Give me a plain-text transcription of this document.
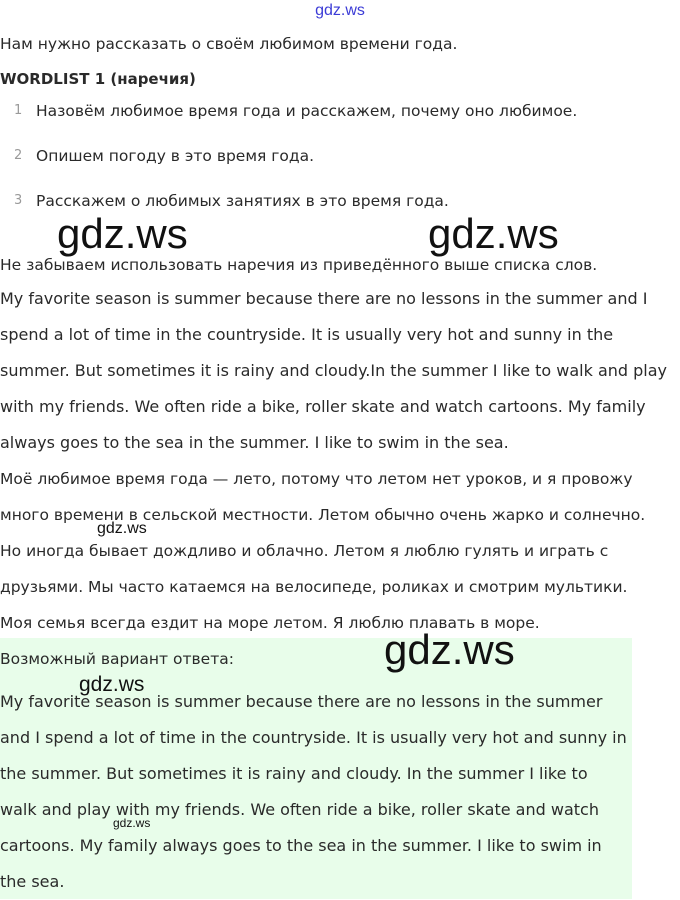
gdz.ws
Нам нужно рассказать о своём любимом времени года.
WORDLIST 1 (наречия)
1 Назовём любимое время года и расскажем, почему оно любимое.
2 Опишем погоду в это время года.
3 Расскажем о любимых занятиях в это время года.

Не забываем использовать наречия из приведённого выше списка слов.

My favorite season is summer because there are no lessons in the summer and I
spend a lot of time in the countryside. It is usually very hot and sunny in the
summer. But sometimes it is rainy and cloudy.In the summer I like to walk and play
with my friends. We often ride a bike, roller skate and watch cartoons. My family
always goes to the sea in the summer. I like to swim in the sea.
Моё любимое время года — лето, потому что летом нет уроков, и я провожу
много времени в сельской местности. Летом обычно очень жарко и солнечно.
Но иногда бывает дождливо и облачно. Летом я люблю гулять и играть с
друзьями. Мы часто катаемся на велосипеде, роликах и смотрим мультики.
Моя семья всегда ездит на море летом. Я люблю плавать в море.
Возможный вариант ответа:
My favorite season is summer because there are no lessons in the summer
and I spend a lot of time in the countryside. It is usually very hot and sunny in
the summer. But sometimes it is rainy and cloudy. In the summer I like to
walk and play with my friends. We often ride a bike, roller skate and watch
cartoons. My family always goes to the sea in the summer. I like to swim in
the sea.
gdz.ws	gdz.ws
gdz.ws
gdz.ws
gdz.ws
gdz.ws
